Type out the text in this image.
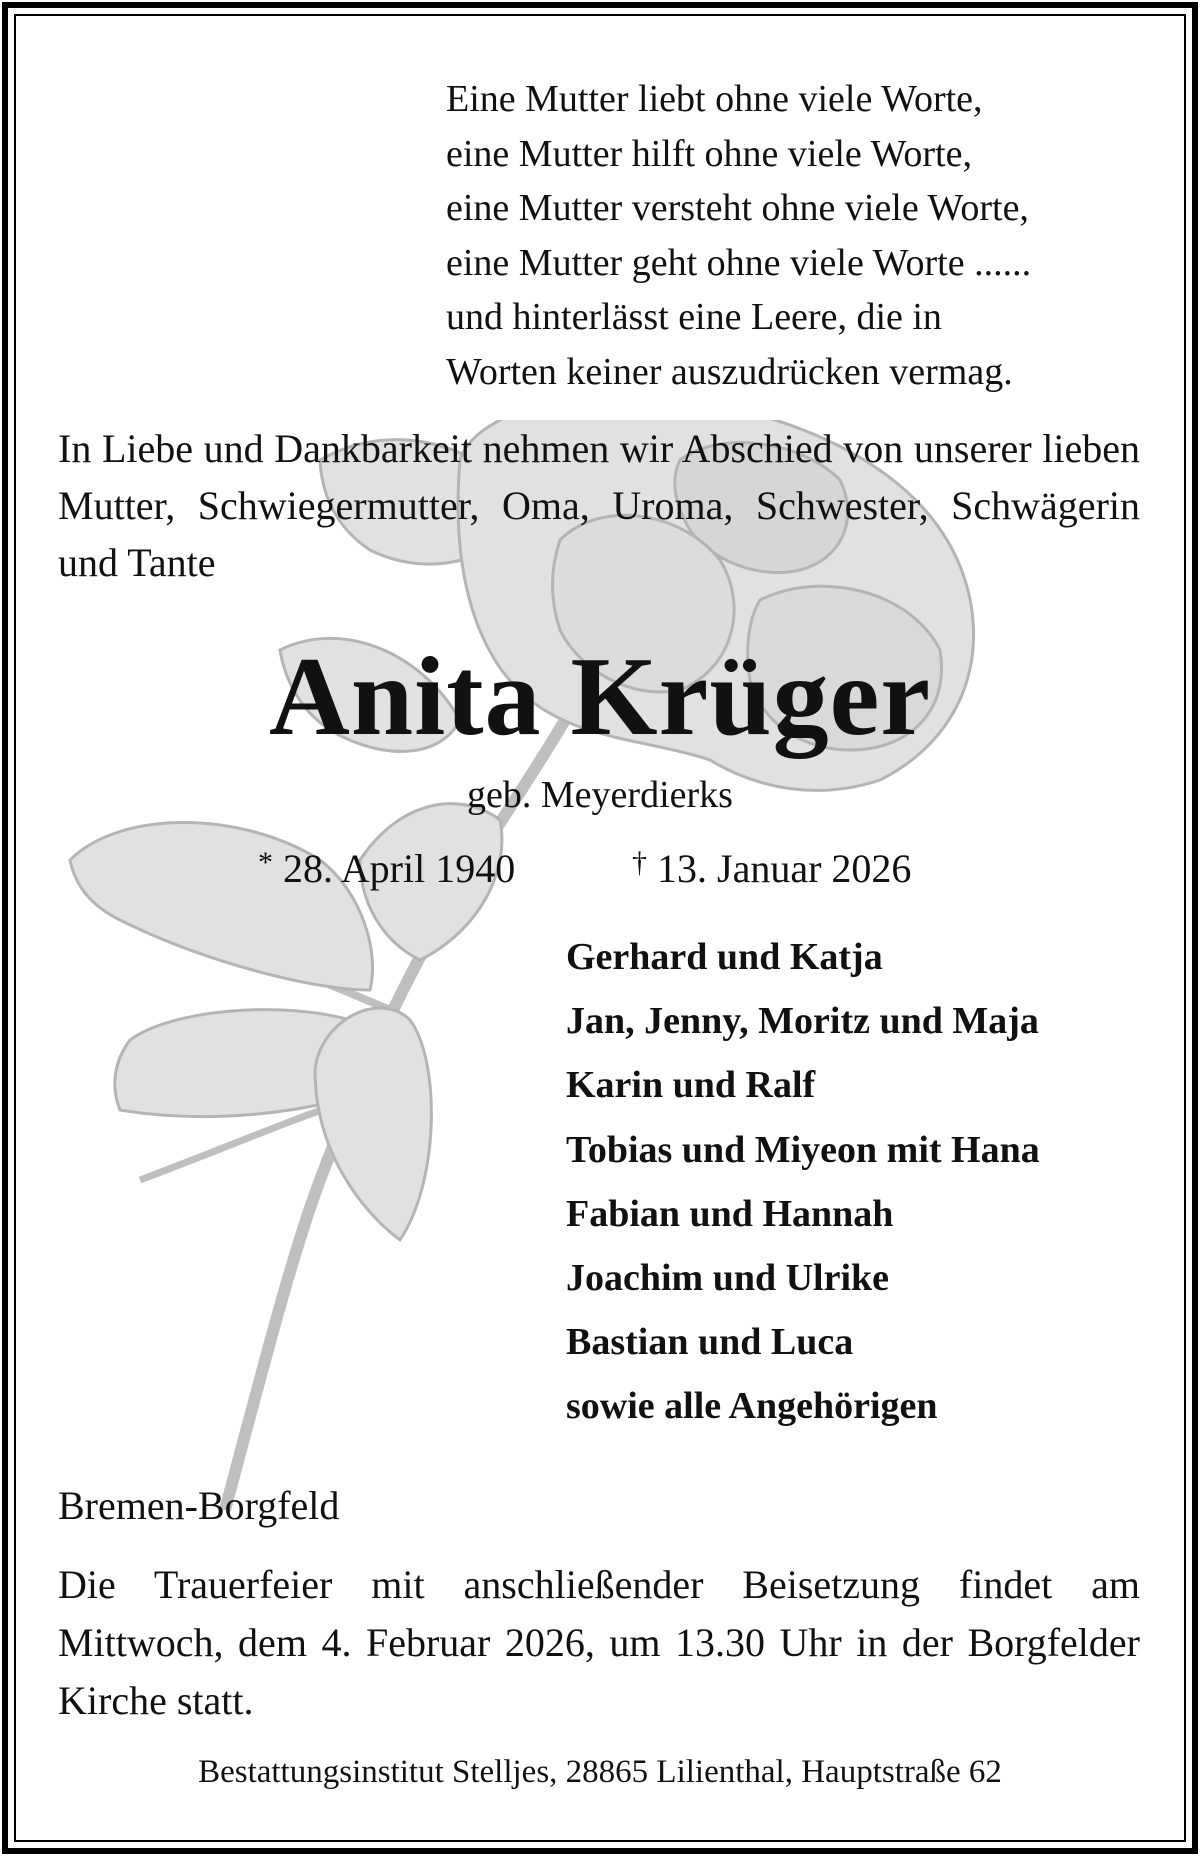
Eine Mutter liebt ohne viele Worte,
eine Mutter hilft ohne viele Worte,
eine Mutter versteht ohne viele Worte,
eine Mutter geht ohne viele Worte ......
und hinterlässt eine Leere, die in
Worten keiner auszudrücken vermag.
In Liebe und Dankbarkeit nehmen wir Abschied von unserer lieben Mutter, Schwiegermutter, Oma, Uroma, Schwester, Schwägerin und Tante
Anita Krüger
geb. Meyerdierks
* 28. April 1940	† 13. Januar 2026
Gerhard und Katja
Jan, Jenny, Moritz und Maja
Karin und Ralf
Tobias und Miyeon mit Hana
Fabian und Hannah
Joachim und Ulrike
Bastian und Luca
sowie alle Angehörigen
Bremen-Borgfeld
Die Trauerfeier mit anschließender Beisetzung findet am Mittwoch, dem 4. Februar 2026, um 13.30 Uhr in der Borgfelder Kirche statt.
Bestattungsinstitut Stelljes, 28865 Lilienthal, Hauptstraße 62
